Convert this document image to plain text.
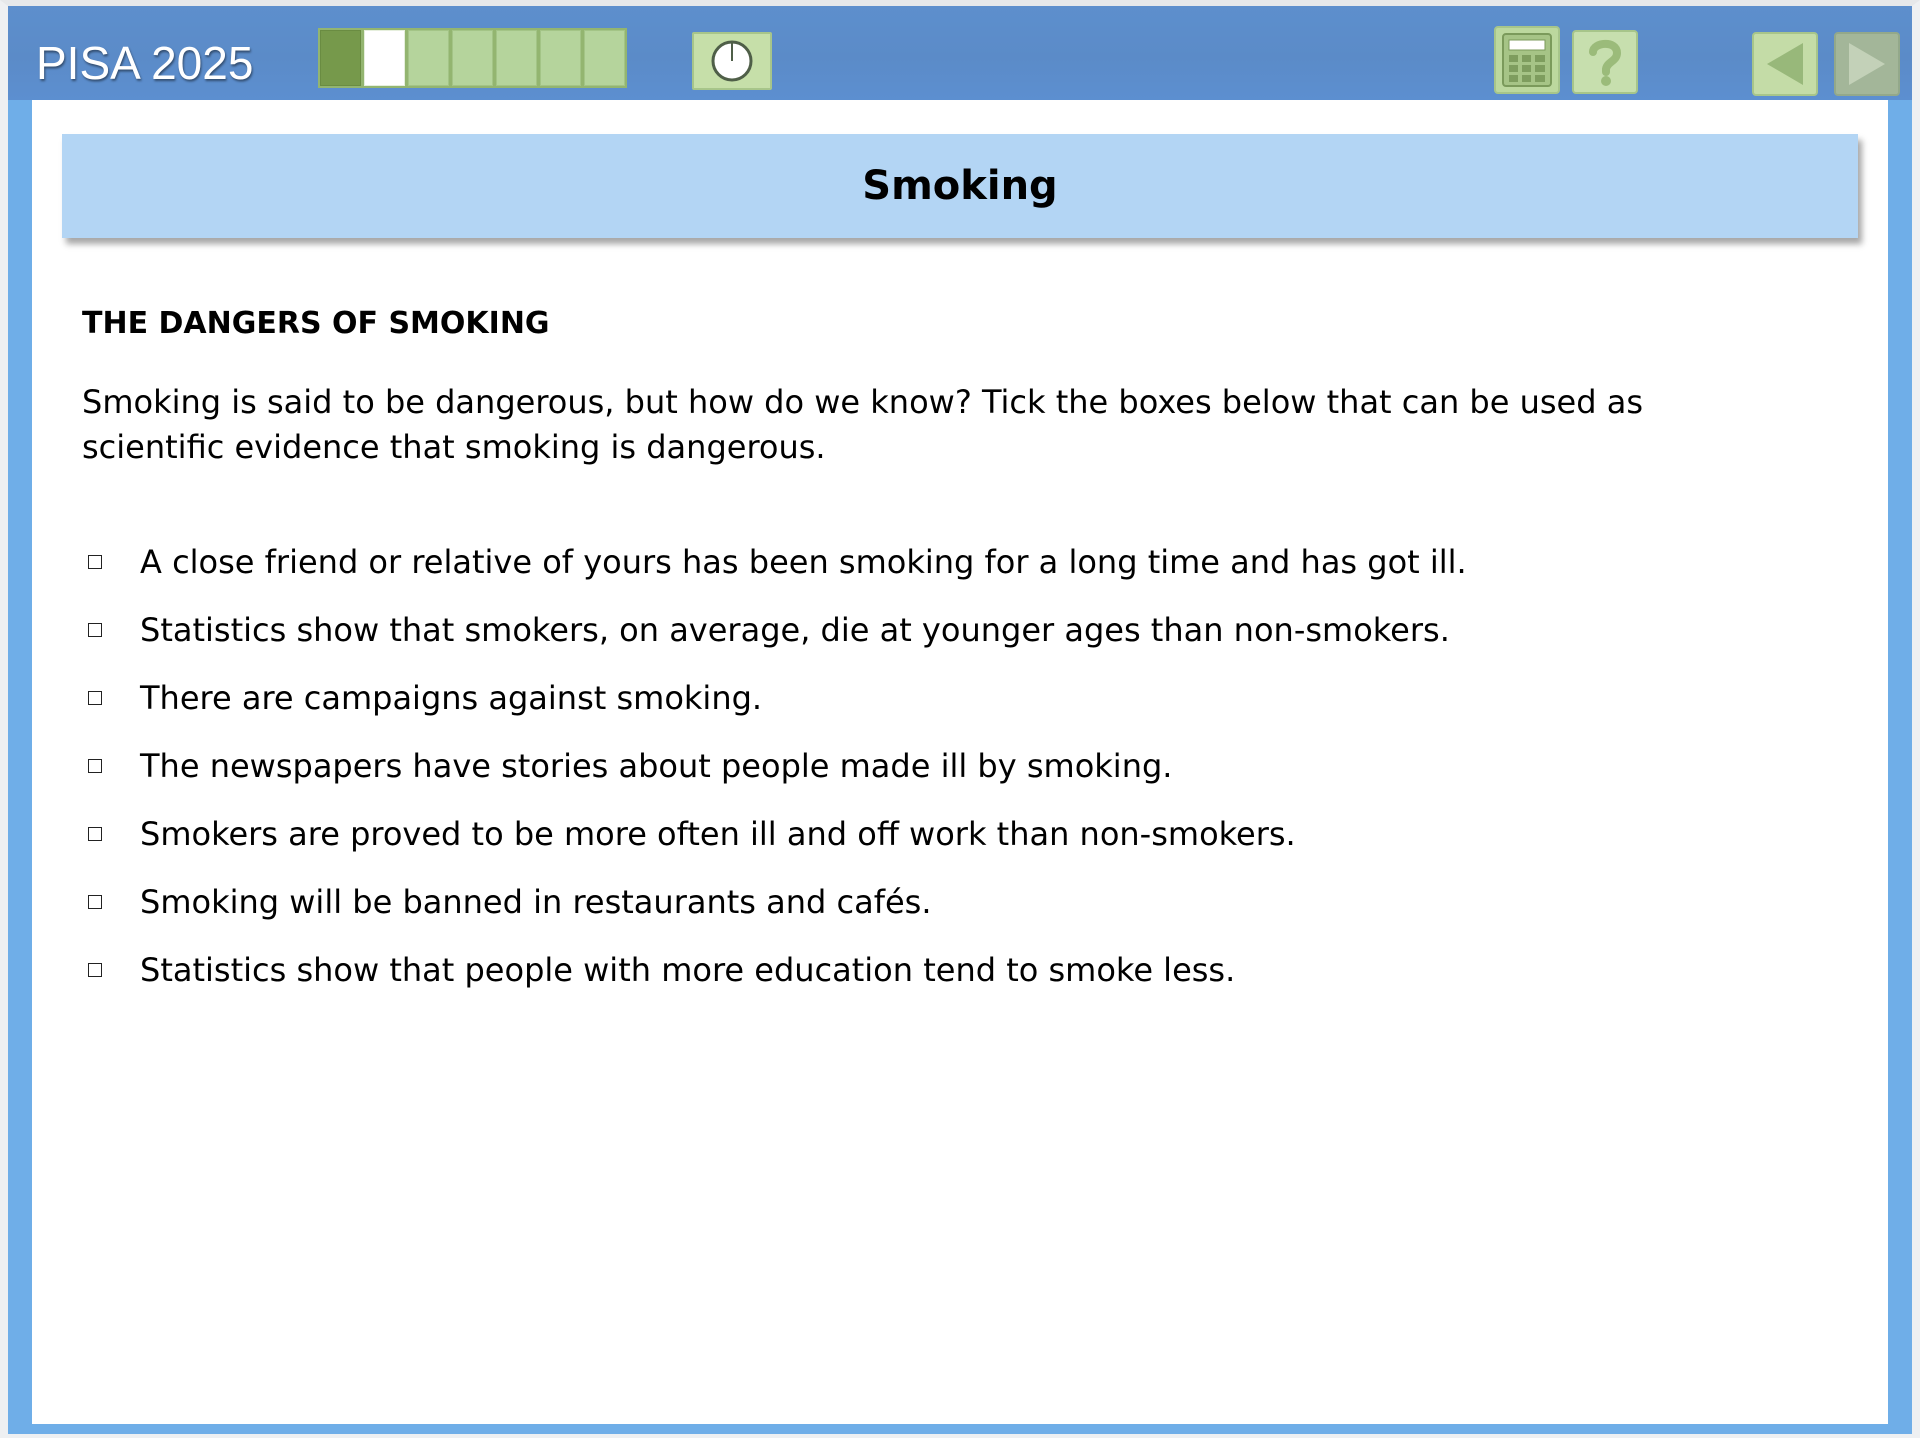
PISA 2025
Smoking
THE DANGERS OF SMOKING
Smoking is said to be dangerous, but how do we know? Tick the boxes below that can be used as scientific evidence that smoking is dangerous.
A close friend or relative of yours has been smoking for a long time and has got ill.
Statistics show that smokers, on average, die at younger ages than non-smokers.
There are campaigns against smoking.
The newspapers have stories about people made ill by smoking.
Smokers are proved to be more often ill and off work than non-smokers.
Smoking will be banned in restaurants and cafés.
Statistics show that people with more education tend to smoke less.
